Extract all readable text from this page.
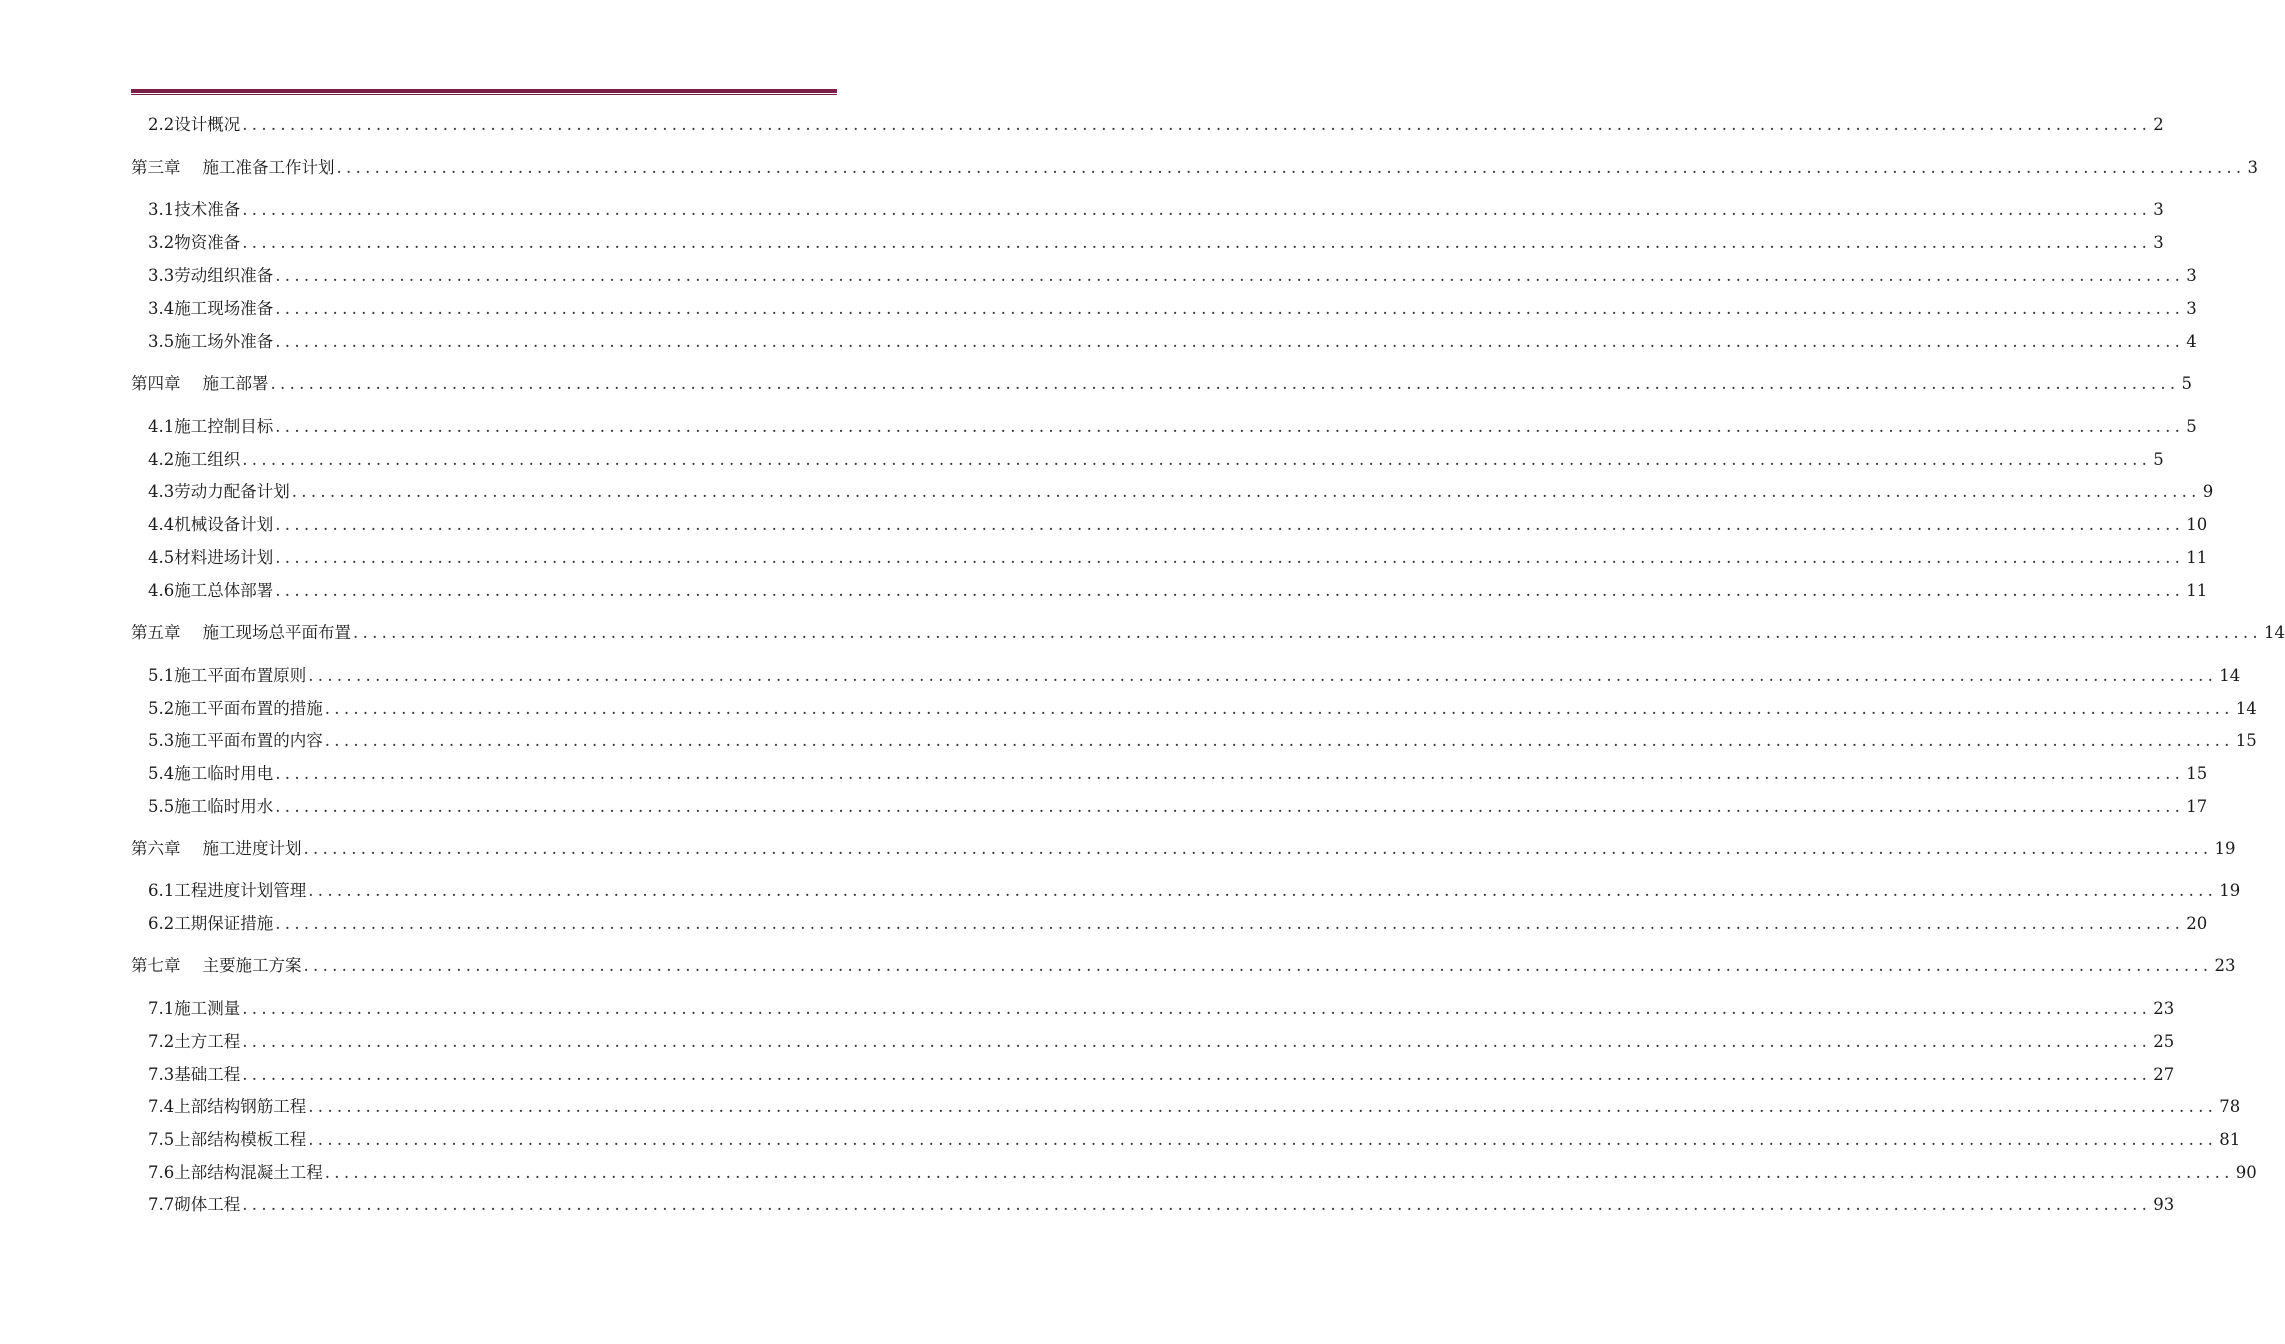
2.2设计概况 ........................................................................................................................................................................................................ 2
第三章 施工准备工作计划 ........................................................................................................................................................................................................ 3
3.1技术准备 ........................................................................................................................................................................................................ 3
3.2物资准备 ........................................................................................................................................................................................................ 3
3.3劳动组织准备 ........................................................................................................................................................................................................ 3
3.4施工现场准备 ........................................................................................................................................................................................................ 3
3.5施工场外准备 ........................................................................................................................................................................................................ 4
第四章 施工部署 ........................................................................................................................................................................................................ 5
4.1施工控制目标 ........................................................................................................................................................................................................ 5
4.2施工组织 ........................................................................................................................................................................................................ 5
4.3劳动力配备计划 ........................................................................................................................................................................................................ 9
4.4机械设备计划 ........................................................................................................................................................................................................ 10
4.5材料进场计划 ........................................................................................................................................................................................................ 11
4.6施工总体部署 ........................................................................................................................................................................................................ 11
第五章 施工现场总平面布置 ........................................................................................................................................................................................................ 14
5.1施工平面布置原则 ........................................................................................................................................................................................................ 14
5.2施工平面布置的措施 ........................................................................................................................................................................................................ 14
5.3施工平面布置的内容 ........................................................................................................................................................................................................ 15
5.4施工临时用电 ........................................................................................................................................................................................................ 15
5.5施工临时用水 ........................................................................................................................................................................................................ 17
第六章 施工进度计划 ........................................................................................................................................................................................................ 19
6.1工程进度计划管理 ........................................................................................................................................................................................................ 19
6.2工期保证措施 ........................................................................................................................................................................................................ 20
第七章 主要施工方案 ........................................................................................................................................................................................................ 23
7.1施工测量 ........................................................................................................................................................................................................ 23
7.2土方工程 ........................................................................................................................................................................................................ 25
7.3基础工程 ........................................................................................................................................................................................................ 27
7.4上部结构钢筋工程 ........................................................................................................................................................................................................ 78
7.5上部结构模板工程 ........................................................................................................................................................................................................ 81
7.6上部结构混凝土工程 ........................................................................................................................................................................................................ 90
7.7砌体工程 ........................................................................................................................................................................................................ 93
